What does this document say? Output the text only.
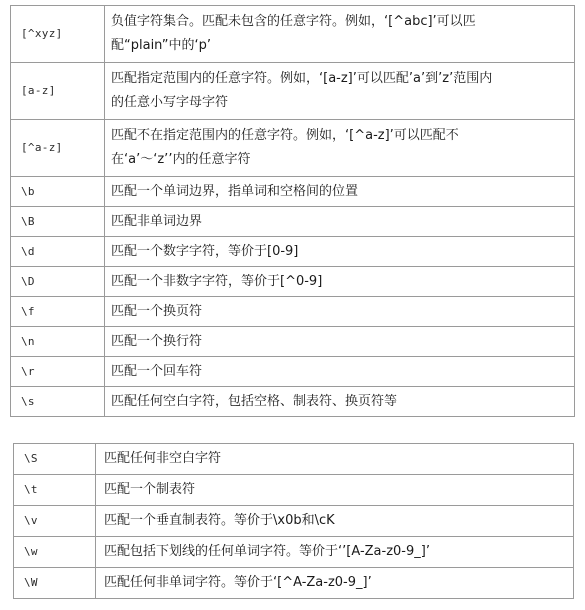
[^xyz]	负值字符集合。匹配未包含的任意字符。例如，‘[^abc]’可以匹
配“plain”中的‘p’
[a-z]	匹配指定范围内的任意字符。例如，‘[a-z]’可以匹配’a’到’z’范围内
的任意小写字母字符
[^a-z]	匹配不在指定范围内的任意字符。例如，‘[^a-z]’可以匹配不
在‘a’～‘z’’内的任意字符
\b	匹配一个单词边界，指单词和空格间的位置
\B	匹配非单词边界
\d	匹配一个数字字符，等价于[0-9]
\D	匹配一个非数字字符，等价于[^0-9]
\f	匹配一个换页符
\n	匹配一个换行符
\r	匹配一个回车符
\s	匹配任何空白字符，包括空格、制表符、换页符等
\S	匹配任何非空白字符
\t	匹配一个制表符
\v	匹配一个垂直制表符。等价于\x0b和\cK
\w	匹配包括下划线的任何单词字符。等价于‘’[A-Za-z0-9_]’
\W	匹配任何非单词字符。等价于‘[^A-Za-z0-9_]’
